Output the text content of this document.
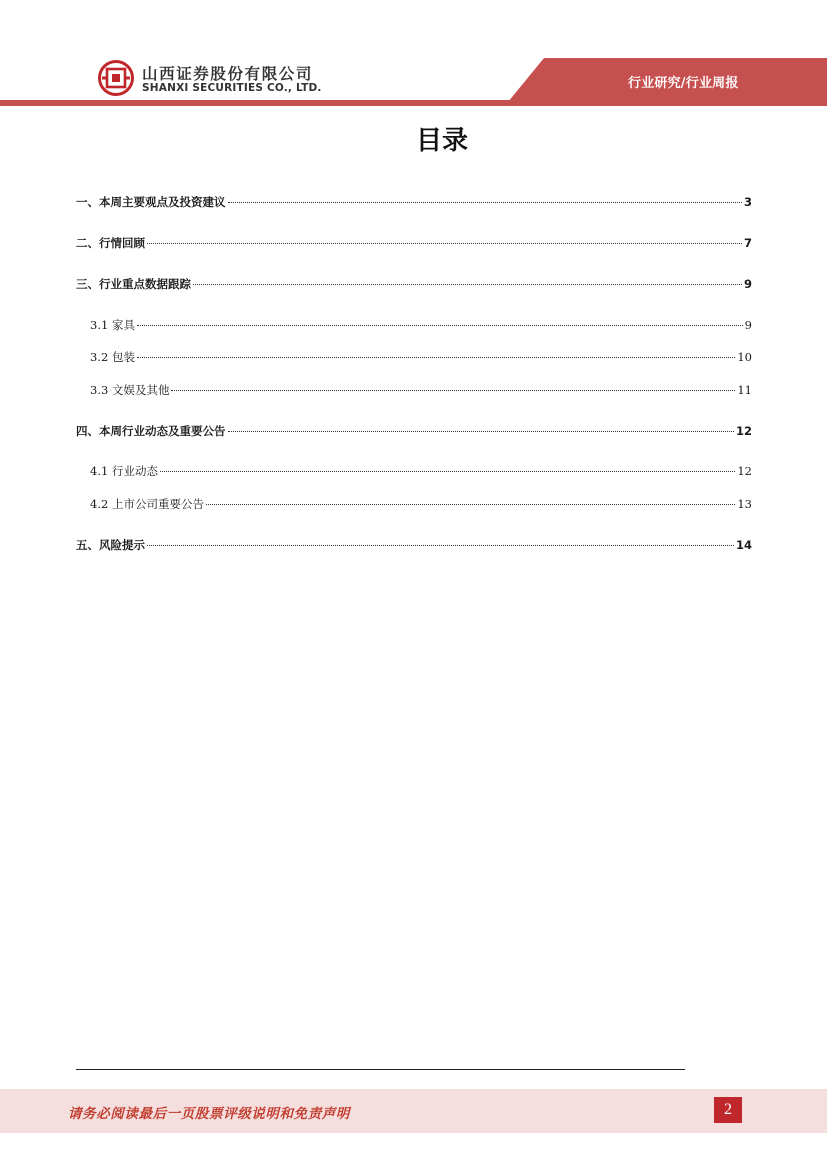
行业研究/行业周报
山西证券股份有限公司
SHANXI SECURITIES CO., LTD.
目录
一、本周主要观点及投资建议	3
二、行情回顾	7
三、行业重点数据跟踪	9
3.1 家具	9
3.2 包装	10
3.3 文娱及其他	11
四、本周行业动态及重要公告	12
4.1 行业动态	12
4.2 上市公司重要公告	13
五、风险提示	14
请务必阅读最后一页股票评级说明和免责声明	2
